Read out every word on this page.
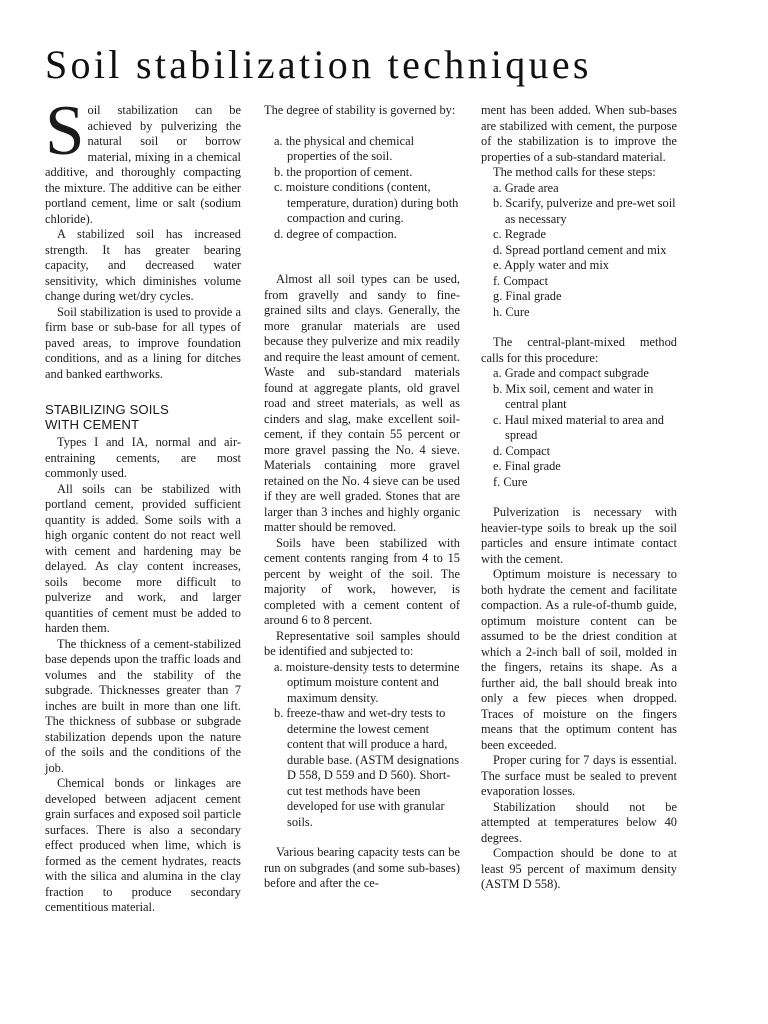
Soil stabilization techniques

Soil stabilization can be achieved by pulverizing the natural soil or borrow material, mixing in a chemical additive, and thoroughly compacting the mixture. The additive can be either portland cement, lime or salt (sodium chloride).

A stabilized soil has increased strength. It has greater bearing capacity, and decreased water sensitivity, which diminishes volume change during wet/dry cycles.

Soil stabilization is used to provide a firm base or sub-base for all types of paved areas, to improve foundation conditions, and as a lining for ditches and banked earthworks.

STABILIZING SOILS
WITH CEMENT

Types I and IA, normal and air-entraining cements, are most commonly used.

All soils can be stabilized with portland cement, provided sufficient quantity is added. Some soils with a high organic content do not react well with cement and hardening may be delayed. As clay content increases, soils become more difficult to pulverize and work, and larger quantities of cement must be added to harden them.

The thickness of a cement-stabilized base depends upon the traffic loads and volumes and the stability of the subgrade. Thicknesses greater than 7 inches are built in more than one lift. The thickness of subbase or subgrade stabilization depends upon the nature of the soils and the conditions of the job.

Chemical bonds or linkages are developed between adjacent cement grain surfaces and exposed soil particle surfaces. There is also a secondary effect produced when lime, which is formed as the cement hydrates, reacts with the silica and alumina in the clay fraction to produce secondary cementitious material.

The degree of stability is governed by:

a. the physical and chemical properties of the soil.
b. the proportion of cement.
c. moisture conditions (content, temperature, duration) during both compaction and curing.
d. degree of compaction.

Almost all soil types can be used, from gravelly and sandy to fine-grained silts and clays. Generally, the more granular materials are used because they pulverize and mix readily and require the least amount of cement. Waste and sub-standard materials found at aggregate plants, old gravel road and street materials, as well as cinders and slag, make excellent soil-cement, if they contain 55 percent or more gravel passing the No. 4 sieve. Materials containing more gravel retained on the No. 4 sieve can be used if they are well graded. Stones that are larger than 3 inches and highly organic matter should be removed.

Soils have been stabilized with cement contents ranging from 4 to 15 percent by weight of the soil. The majority of work, however, is completed with a cement content of around 6 to 8 percent.

Representative soil samples should be identified and subjected to:

a. moisture-density tests to determine optimum moisture content and maximum density.
b. freeze-thaw and wet-dry tests to determine the lowest cement content that will produce a hard, durable base. (ASTM designations D 558, D 559 and D 560). Short-cut test methods have been developed for use with granular soils.

Various bearing capacity tests can be run on subgrades (and some sub-bases) before and after the ce-

ment has been added. When sub-bases are stabilized with cement, the purpose of the stabilization is to improve the properties of a sub-standard material.

The method calls for these steps:

a. Grade area
b. Scarify, pulverize and pre-wet soil as necessary
c. Regrade
d. Spread portland cement and mix
e. Apply water and mix
f. Compact
g. Final grade
h. Cure

The central-plant-mixed method calls for this procedure:

a. Grade and compact subgrade
b. Mix soil, cement and water in central plant
c. Haul mixed material to area and spread
d. Compact
e. Final grade
f. Cure

Pulverization is necessary with heavier-type soils to break up the soil particles and ensure intimate contact with the cement.

Optimum moisture is necessary to both hydrate the cement and facilitate compaction. As a rule-of-thumb guide, optimum moisture content can be assumed to be the driest condition at which a 2-inch ball of soil, molded in the fingers, retains its shape. As a further aid, the ball should break into only a few pieces when dropped. Traces of moisture on the fingers means that the optimum content has been exceeded.

Proper curing for 7 days is essential. The surface must be sealed to prevent evaporation losses.

Stabilization should not be attempted at temperatures below 40 degrees.

Compaction should be done to at least 95 percent of maximum density (ASTM D 558).
